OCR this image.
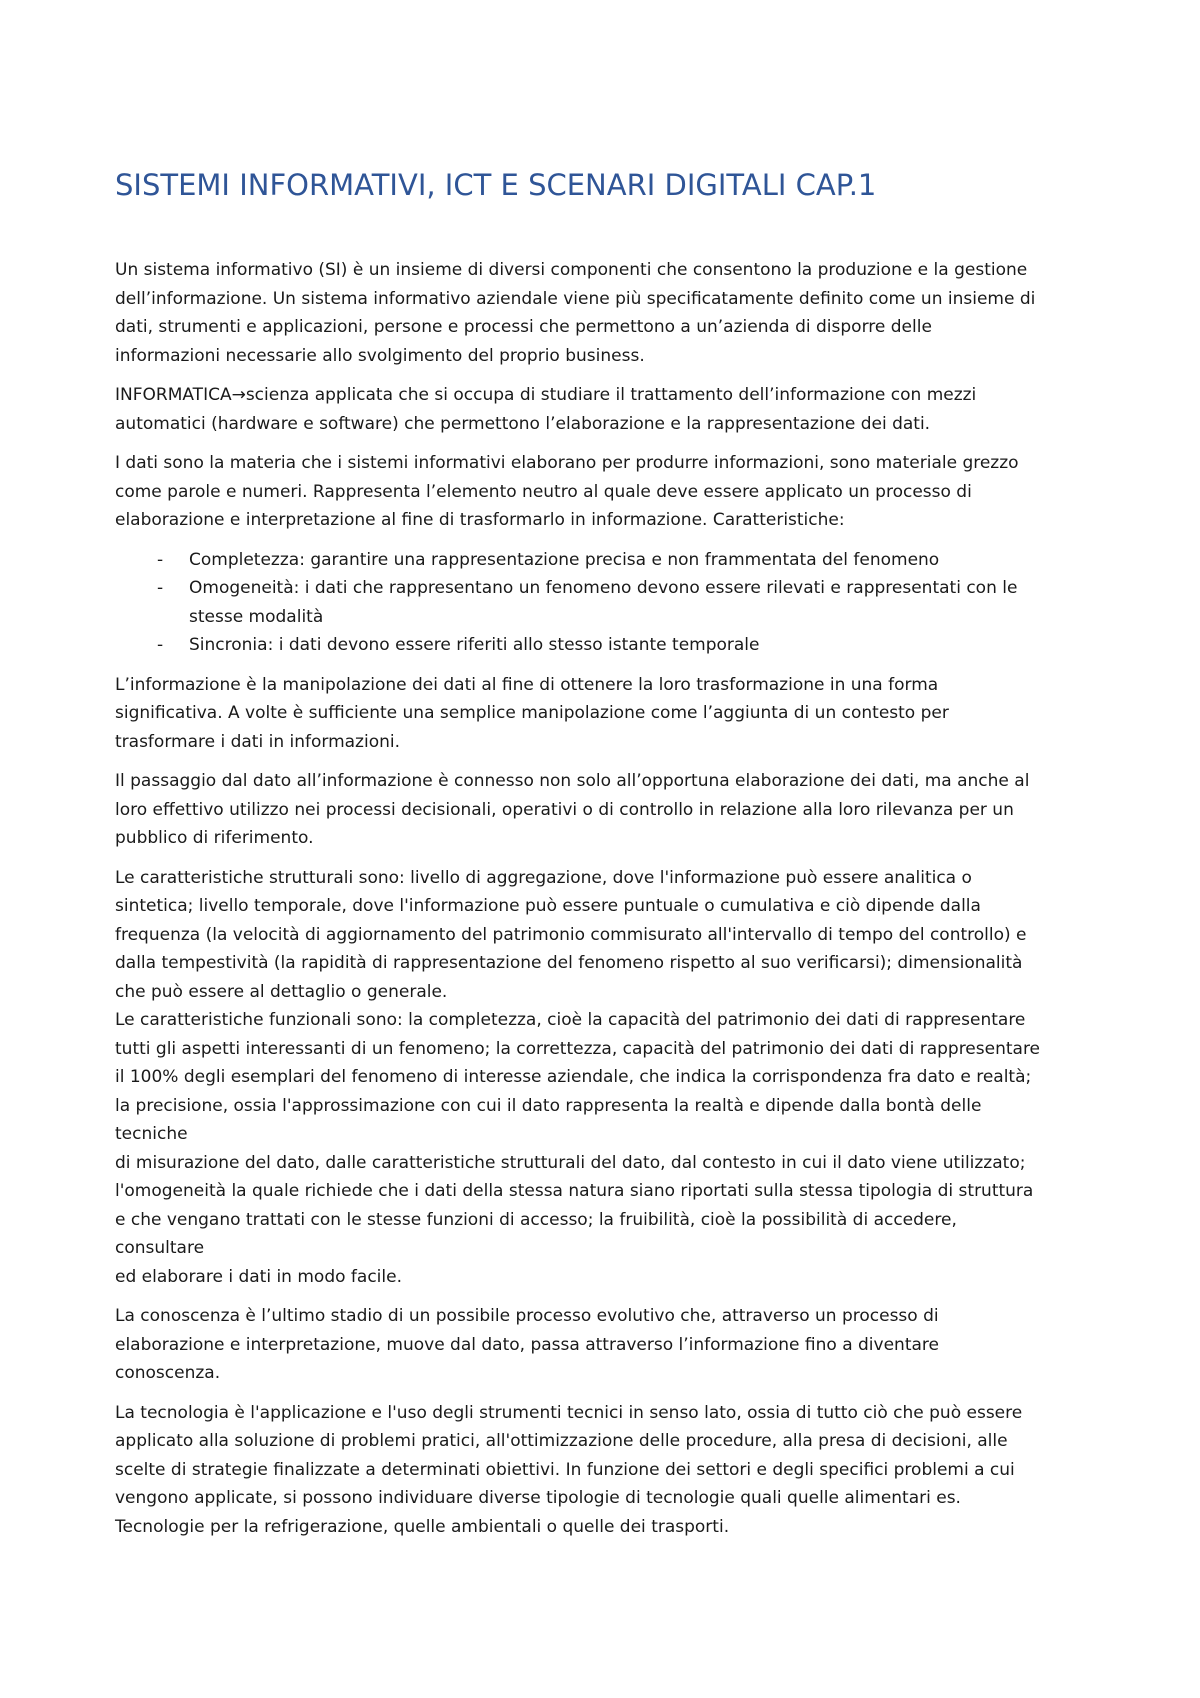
SISTEMI INFORMATIVI, ICT E SCENARI DIGITALI CAP.1
Un sistema informativo (SI) è un insieme di diversi componenti che consentono la produzione e la gestione
dell’informazione. Un sistema informativo aziendale viene più specificatamente definito come un insieme di
dati, strumenti e applicazioni, persone e processi che permettono a un’azienda di disporre delle
informazioni necessarie allo svolgimento del proprio business.
INFORMATICA→scienza applicata che si occupa di studiare il trattamento dell’informazione con mezzi
automatici (hardware e software) che permettono l’elaborazione e la rappresentazione dei dati.
I dati sono la materia che i sistemi informativi elaborano per produrre informazioni, sono materiale grezzo
come parole e numeri. Rappresenta l’elemento neutro al quale deve essere applicato un processo di
elaborazione e interpretazione al fine di trasformarlo in informazione. Caratteristiche:
- Completezza: garantire una rappresentazione precisa e non frammentata del fenomeno
- Omogeneità: i dati che rappresentano un fenomeno devono essere rilevati e rappresentati con le
stesse modalità
- Sincronia: i dati devono essere riferiti allo stesso istante temporale
L’informazione è la manipolazione dei dati al fine di ottenere la loro trasformazione in una forma
significativa. A volte è sufficiente una semplice manipolazione come l’aggiunta di un contesto per
trasformare i dati in informazioni.
Il passaggio dal dato all’informazione è connesso non solo all’opportuna elaborazione dei dati, ma anche al
loro effettivo utilizzo nei processi decisionali, operativi o di controllo in relazione alla loro rilevanza per un
pubblico di riferimento.
Le caratteristiche strutturali sono: livello di aggregazione, dove l'informazione può essere analitica o
sintetica; livello temporale, dove l'informazione può essere puntuale o cumulativa e ciò dipende dalla
frequenza (la velocità di aggiornamento del patrimonio commisurato all'intervallo di tempo del controllo) e
dalla tempestività (la rapidità di rappresentazione del fenomeno rispetto al suo verificarsi); dimensionalità
che può essere al dettaglio o generale.
Le caratteristiche funzionali sono: la completezza, cioè la capacità del patrimonio dei dati di rappresentare
tutti gli aspetti interessanti di un fenomeno; la correttezza, capacità del patrimonio dei dati di rappresentare
il 100% degli esemplari del fenomeno di interesse aziendale, che indica la corrispondenza fra dato e realtà;
la precisione, ossia l'approssimazione con cui il dato rappresenta la realtà e dipende dalla bontà delle
tecniche
di misurazione del dato, dalle caratteristiche strutturali del dato, dal contesto in cui il dato viene utilizzato;
l'omogeneità la quale richiede che i dati della stessa natura siano riportati sulla stessa tipologia di struttura
e che vengano trattati con le stesse funzioni di accesso; la fruibilità, cioè la possibilità di accedere,
consultare
ed elaborare i dati in modo facile.
La conoscenza è l’ultimo stadio di un possibile processo evolutivo che, attraverso un processo di
elaborazione e interpretazione, muove dal dato, passa attraverso l’informazione fino a diventare
conoscenza.
La tecnologia è l'applicazione e l'uso degli strumenti tecnici in senso lato, ossia di tutto ciò che può essere
applicato alla soluzione di problemi pratici, all'ottimizzazione delle procedure, alla presa di decisioni, alle
scelte di strategie finalizzate a determinati obiettivi. In funzione dei settori e degli specifici problemi a cui
vengono applicate, si possono individuare diverse tipologie di tecnologie quali quelle alimentari es.
Tecnologie per la refrigerazione, quelle ambientali o quelle dei trasporti.
